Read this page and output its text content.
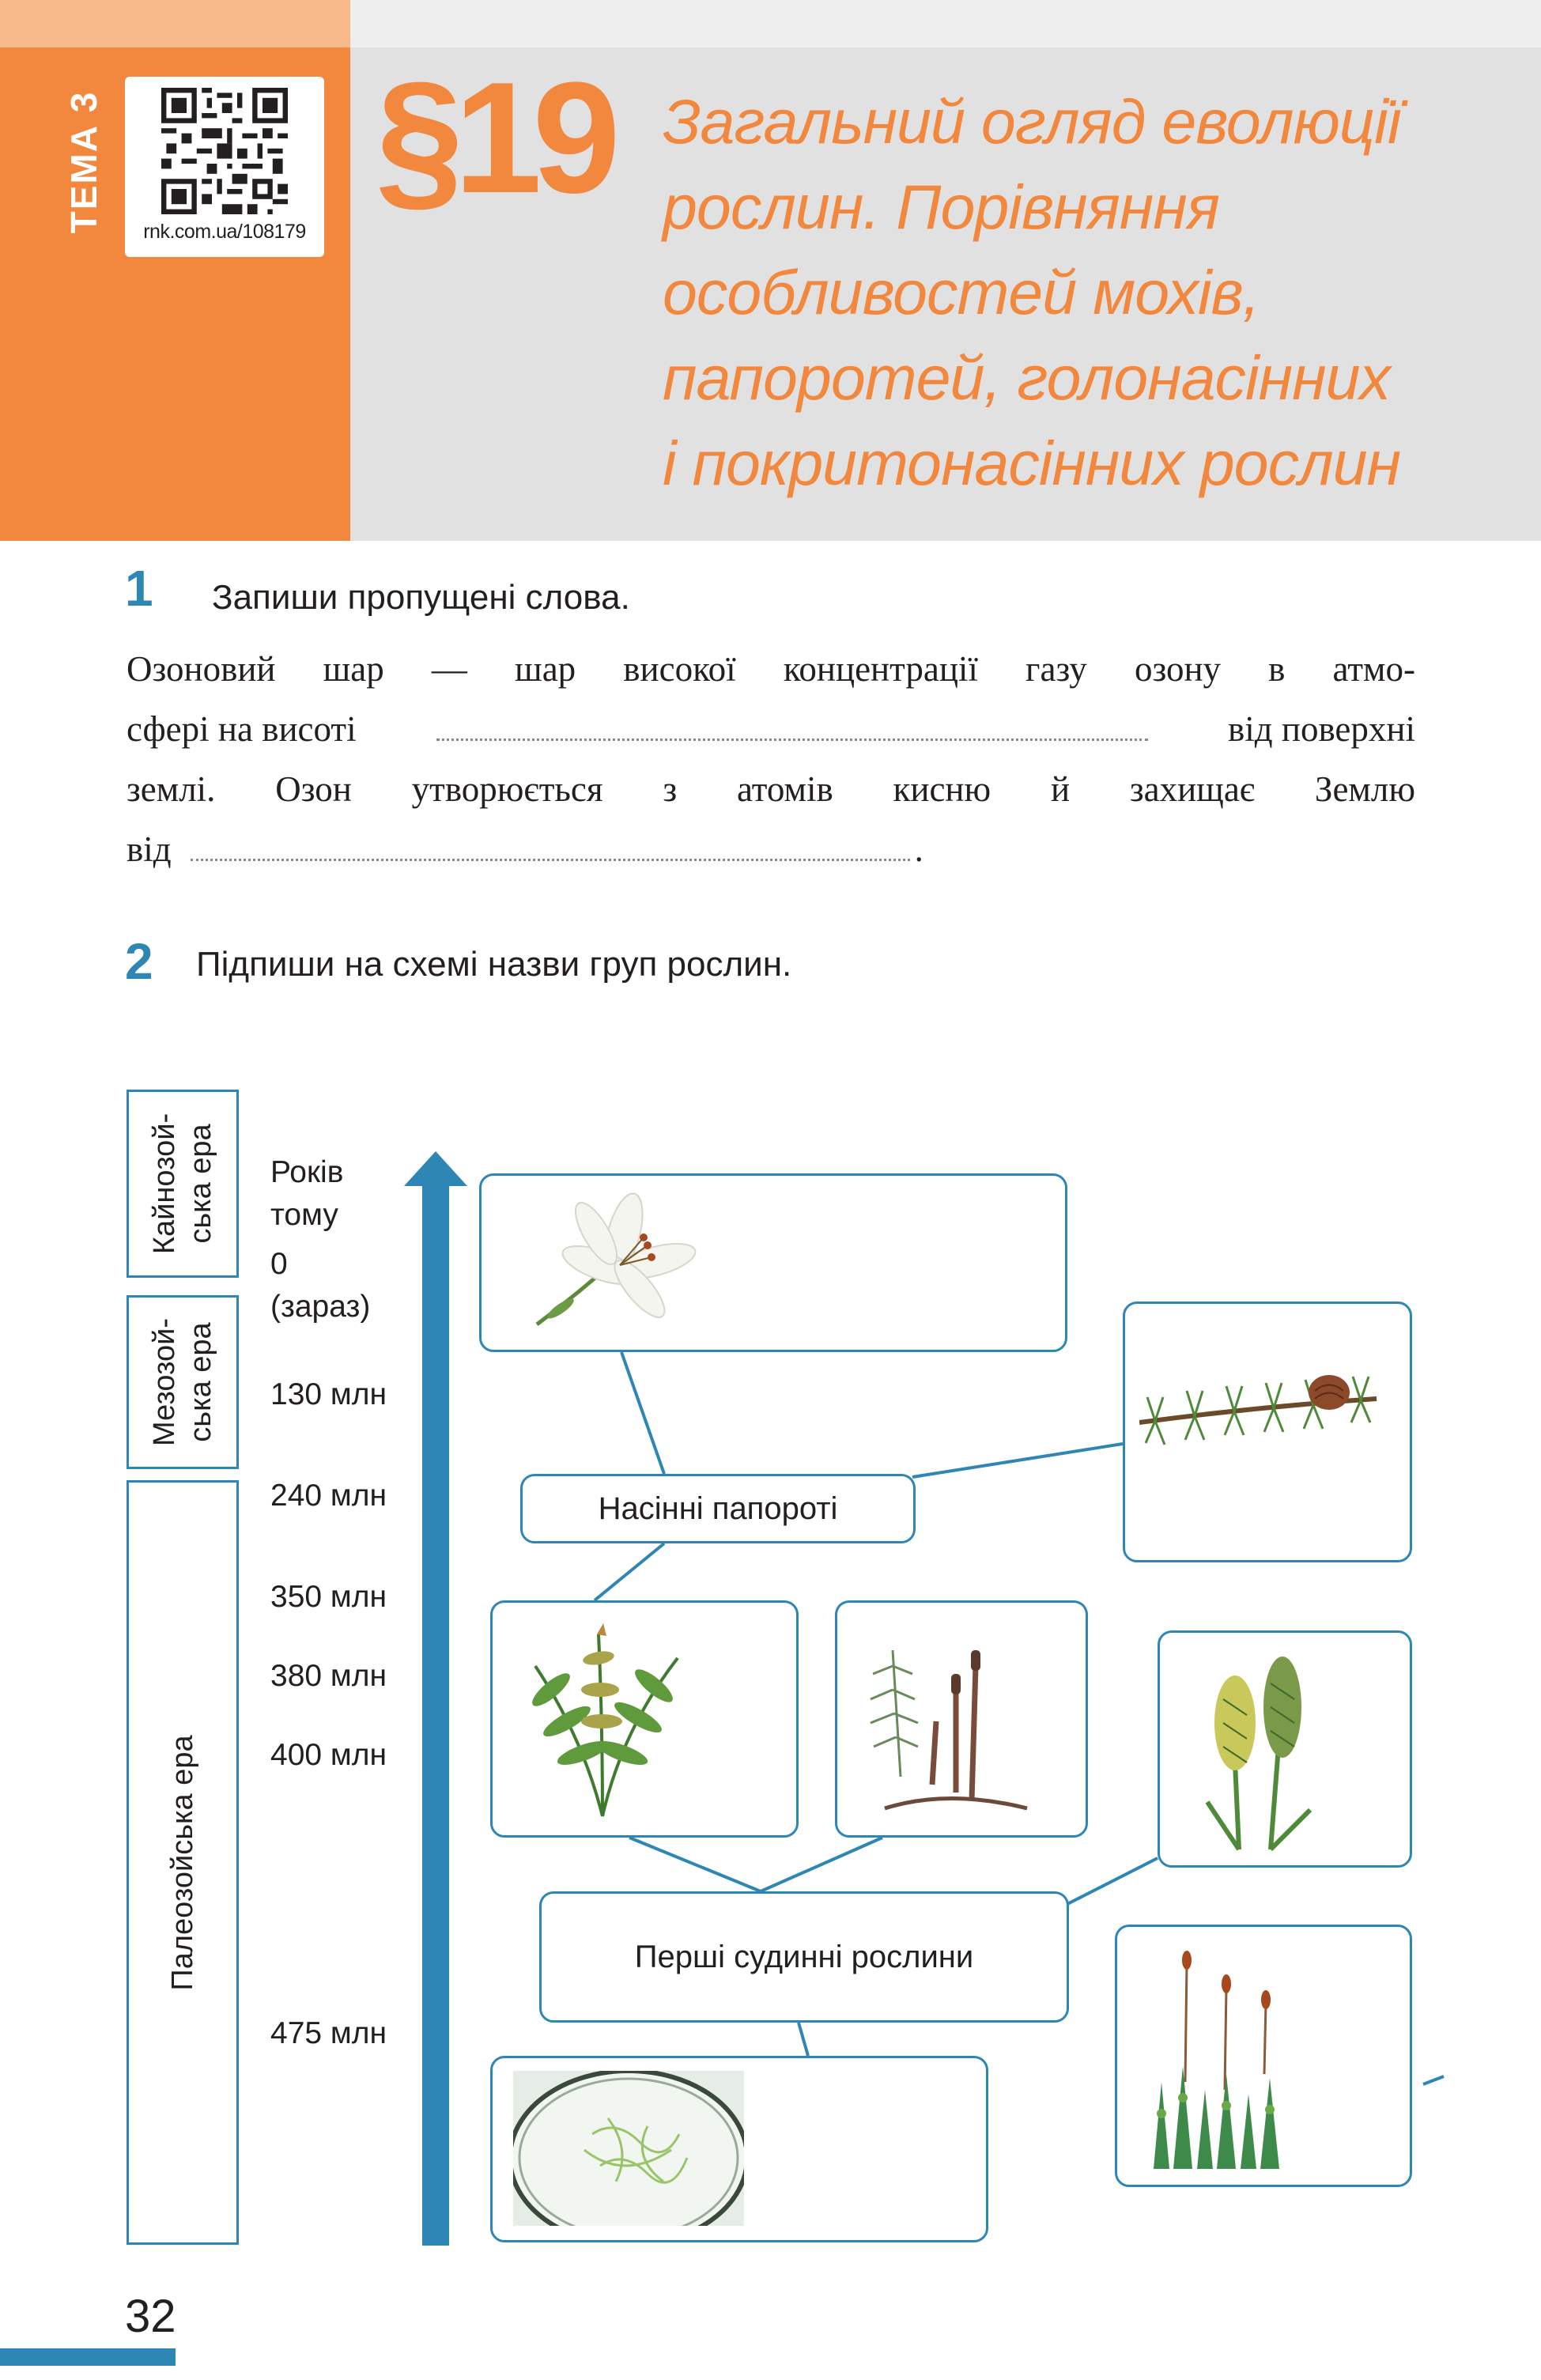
ТЕМА 3	rnk.com.ua/108179
§19 Загальний огляд еволюції
рослин. Порівняння
особливостей мохів,
папоротей, голонасінних
і покритонасінних рослин
1 Запиши пропущені слова.
Озоновий шар — шар високої концентрації газу озону в атмо-
сфері на висоті	від поверхні
землі. Озон утворюється з атомів кисню й захищає Землю
від	.
2 Підпиши на схемі назви груп рослин.
Кайнозой-
ська ера
Мезозой-
ська ера
Палеозойська ера
Років
тому
0
(зараз)
130 млн
240 млн
350 млн
380 млн
400 млн
475 млн
Насінні папороті
Перші судинні рослини
32
